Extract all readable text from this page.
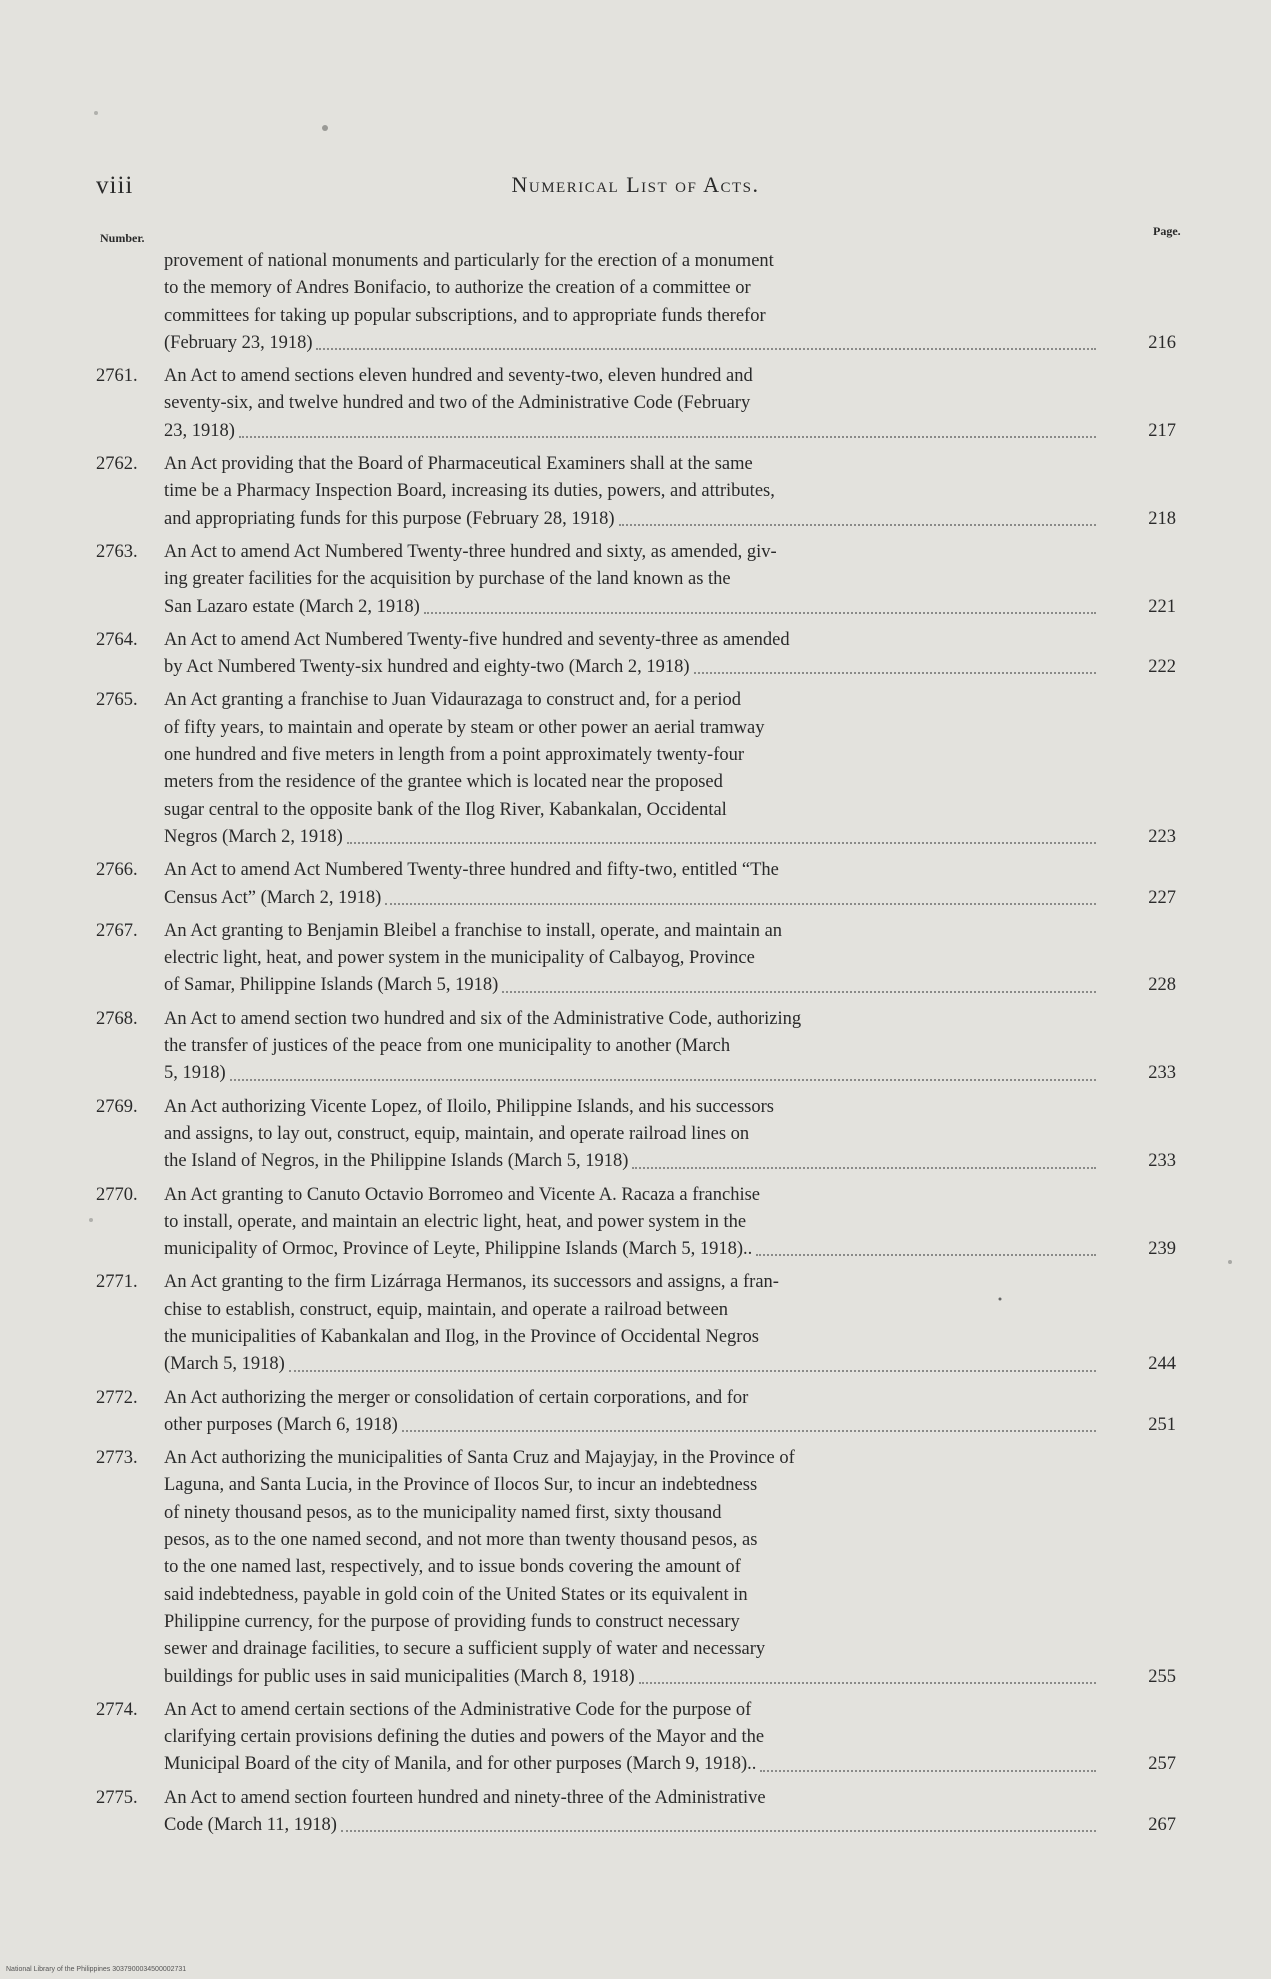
viii	Numerical List of Acts.
Number.	Page.
provement of national monuments and particularly for the erection of a monument
to the memory of Andres Bonifacio, to authorize the creation of a committee or
committees for taking up popular subscriptions, and to appropriate funds therefor
(February 23, 1918)	216
2761.	An Act to amend sections eleven hundred and seventy-two, eleven hundred and
seventy-six, and twelve hundred and two of the Administrative Code (February
23, 1918)	217
2762.	An Act providing that the Board of Pharmaceutical Examiners shall at the same
time be a Pharmacy Inspection Board, increasing its duties, powers, and attributes,
and appropriating funds for this purpose (February 28, 1918)	218
2763.	An Act to amend Act Numbered Twenty-three hundred and sixty, as amended, giv-
ing greater facilities for the acquisition by purchase of the land known as the
San Lazaro estate (March 2, 1918)	221
2764.	An Act to amend Act Numbered Twenty-five hundred and seventy-three as amended
by Act Numbered Twenty-six hundred and eighty-two (March 2, 1918)	222
2765.	An Act granting a franchise to Juan Vidaurazaga to construct and, for a period
of fifty years, to maintain and operate by steam or other power an aerial tramway
one hundred and five meters in length from a point approximately twenty-four
meters from the residence of the grantee which is located near the proposed
sugar central to the opposite bank of the Ilog River, Kabankalan, Occidental
Negros (March 2, 1918)	223
2766.	An Act to amend Act Numbered Twenty-three hundred and fifty-two, entitled “The
Census Act” (March 2, 1918)	227
2767.	An Act granting to Benjamin Bleibel a franchise to install, operate, and maintain an
electric light, heat, and power system in the municipality of Calbayog, Province
of Samar, Philippine Islands (March 5, 1918)	228
2768.	An Act to amend section two hundred and six of the Administrative Code, authorizing
the transfer of justices of the peace from one municipality to another (March
5, 1918)	233
2769.	An Act authorizing Vicente Lopez, of Iloilo, Philippine Islands, and his successors
and assigns, to lay out, construct, equip, maintain, and operate railroad lines on
the Island of Negros, in the Philippine Islands (March 5, 1918)	233
2770.	An Act granting to Canuto Octavio Borromeo and Vicente A. Racaza a franchise
to install, operate, and maintain an electric light, heat, and power system in the
municipality of Ormoc, Province of Leyte, Philippine Islands (March 5, 1918)..	239
2771.	An Act granting to the firm Lizárraga Hermanos, its successors and assigns, a fran-
chise to establish, construct, equip, maintain, and operate a railroad between
the municipalities of Kabankalan and Ilog, in the Province of Occidental Negros
(March 5, 1918)	244
2772.	An Act authorizing the merger or consolidation of certain corporations, and for
other purposes (March 6, 1918)	251
2773.	An Act authorizing the municipalities of Santa Cruz and Majayjay, in the Province of
Laguna, and Santa Lucia, in the Province of Ilocos Sur, to incur an indebtedness
of ninety thousand pesos, as to the municipality named first, sixty thousand
pesos, as to the one named second, and not more than twenty thousand pesos, as
to the one named last, respectively, and to issue bonds covering the amount of
said indebtedness, payable in gold coin of the United States or its equivalent in
Philippine currency, for the purpose of providing funds to construct necessary
sewer and drainage facilities, to secure a sufficient supply of water and necessary
buildings for public uses in said municipalities (March 8, 1918)	255
2774.	An Act to amend certain sections of the Administrative Code for the purpose of
clarifying certain provisions defining the duties and powers of the Mayor and the
Municipal Board of the city of Manila, and for other purposes (March 9, 1918)..	257
2775.	An Act to amend section fourteen hundred and ninety-three of the Administrative
Code (March 11, 1918)	267
National Library of the Philippines 3037900034500002731
